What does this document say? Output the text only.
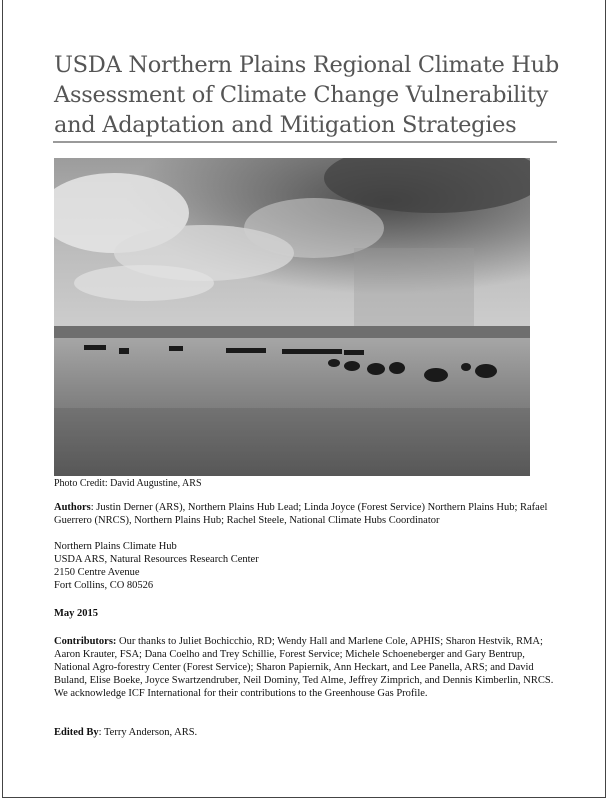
USDA Northern Plains Regional Climate Hub
Assessment of Climate Change Vulnerability
and Adaptation and Mitigation Strategies
Photo Credit: David Augustine, ARS

Authors: Justin Derner (ARS), Northern Plains Hub Lead; Linda Joyce (Forest Service) Northern Plains Hub; Rafael Guerrero (NRCS), Northern Plains Hub; Rachel Steele, National Climate Hubs Coordinator

Northern Plains Climate Hub
USDA ARS, Natural Resources Research Center
2150 Centre Avenue
Fort Collins, CO 80526
May 2015

Contributors: Our thanks to Juliet Bochicchio, RD; Wendy Hall and Marlene Cole, APHIS; Sharon Hestvik, RMA; Aaron Krauter, FSA; Dana Coelho and Trey Schillie, Forest Service; Michele Schoeneberger and Gary Bentrup, National Agro-forestry Center (Forest Service); Sharon Papiernik, Ann Heckart, and Lee Panella, ARS; and David Buland, Elise Boeke, Joyce Swartzendruber, Neil Dominy, Ted Alme, Jeffrey Zimprich, and Dennis Kimberlin, NRCS. We acknowledge ICF International for their contributions to the Greenhouse Gas Profile.

Edited By: Terry Anderson, ARS.
